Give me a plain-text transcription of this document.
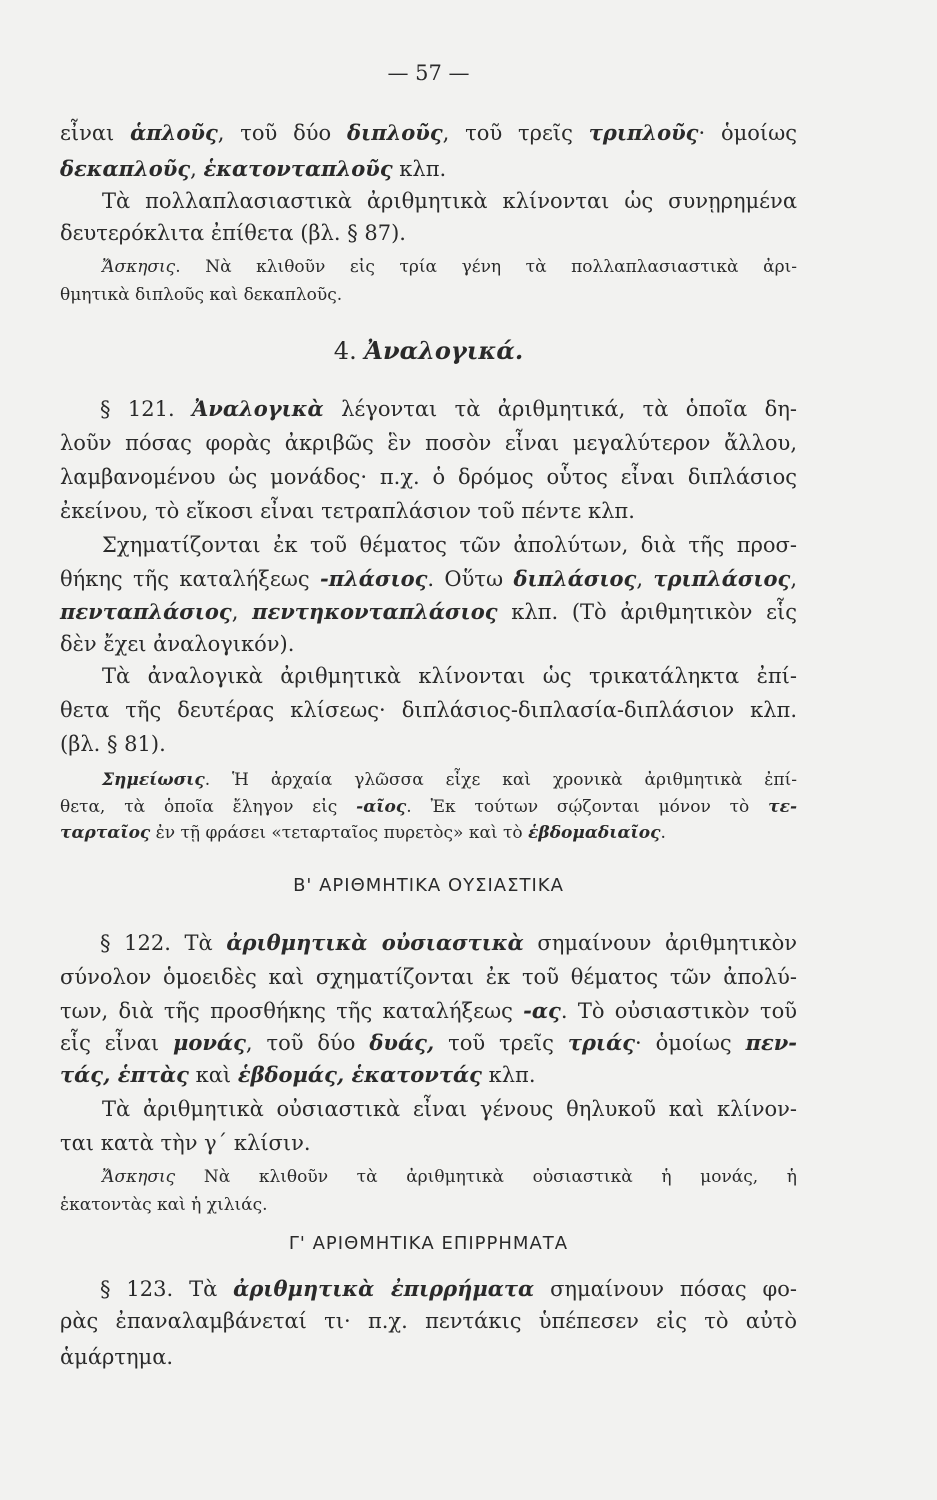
— 57 —
εἶναι ἁπλοῦς, τοῦ δύο διπλοῦς, τοῦ τρεῖς τριπλοῦς· ὁμοίως
δεκαπλοῦς, ἑκατονταπλοῦς κλπ.
Τὰ πολλαπλασιαστικὰ ἀριθμητικὰ κλίνονται ὡς συνῃρημένα
δευτερόκλιτα ἐπίθετα (βλ. § 87).
Ἄσκησις. Νὰ κλιθοῦν εἰς τρία γένη τὰ πολλαπλασιαστικὰ ἀρι-
θμητικὰ διπλοῦς καὶ δεκαπλοῦς.
4. Ἀναλογικά.
§ 121. Ἀναλογικὰ λέγονται τὰ ἀριθμητικά, τὰ ὁποῖα δη-
λοῦν πόσας φορὰς ἀκριβῶς ἓν ποσὸν εἶναι μεγαλύτερον ἄλλου,
λαμβανομένου ὡς μονάδος· π.χ. ὁ δρόμος οὗτος εἶναι διπλάσιος
ἐκείνου, τὸ εἴκοσι εἶναι τετραπλάσιον τοῦ πέντε κλπ.
Σχηματίζονται ἐκ τοῦ θέματος τῶν ἀπολύτων, διὰ τῆς προσ-
θήκης τῆς καταλήξεως -πλάσιος. Οὕτω διπλάσιος, τριπλάσιος,
πενταπλάσιος, πεντηκονταπλάσιος κλπ. (Τὸ ἀριθμητικὸν εἷς
δὲν ἔχει ἀναλογικόν).
Τὰ ἀναλογικὰ ἀριθμητικὰ κλίνονται ὡς τρικατάληκτα ἐπί-
θετα τῆς δευτέρας κλίσεως· διπλάσιος-διπλασία-διπλάσιον κλπ.
(βλ. § 81).
Σημείωσις. Ἡ ἀρχαία γλῶσσα εἶχε καὶ χρονικὰ ἀριθμητικὰ ἐπί-
θετα, τὰ ὁποῖα ἔληγον εἰς -αῖος. Ἐκ τούτων σῴζονται μόνον τὸ τε-
ταρταῖος ἐν τῇ φράσει «τεταρταῖος πυρετὸς» καὶ τὸ ἑβδομαδιαῖος.
Β' ΑΡΙΘΜΗΤΙΚΑ ΟΥΣΙΑΣΤΙΚΑ
§ 122. Τὰ ἀριθμητικὰ οὐσιαστικὰ σημαίνουν ἀριθμητικὸν
σύνολον ὁμοειδὲς καὶ σχηματίζονται ἐκ τοῦ θέματος τῶν ἀπολύ-
των, διὰ τῆς προσθήκης τῆς καταλήξεως -ας. Τὸ οὐσιαστικὸν τοῦ
εἷς εἶναι μονάς, τοῦ δύο δυάς, τοῦ τρεῖς τριάς· ὁμοίως πεν-
τάς, ἑπτὰς καὶ ἑβδομάς, ἑκατοντάς κλπ.
Τὰ ἀριθμητικὰ οὐσιαστικὰ εἶναι γένους θηλυκοῦ καὶ κλίνον-
ται κατὰ τὴν γ΄ κλίσιν.
Ἄσκησις Νὰ κλιθοῦν τὰ ἀριθμητικὰ οὐσιαστικὰ ἡ μονάς, ἡ
ἑκατοντὰς καὶ ἡ χιλιάς.
Γ' ΑΡΙΘΜΗΤΙΚΑ ΕΠΙΡΡΗΜΑΤΑ
§ 123. Τὰ ἀριθμητικὰ ἐπιρρήματα σημαίνουν πόσας φο-
ρὰς ἐπαναλαμβάνεταί τι· π.χ. πεντάκις ὑπέπεσεν εἰς τὸ αὐτὸ
ἁμάρτημα.
